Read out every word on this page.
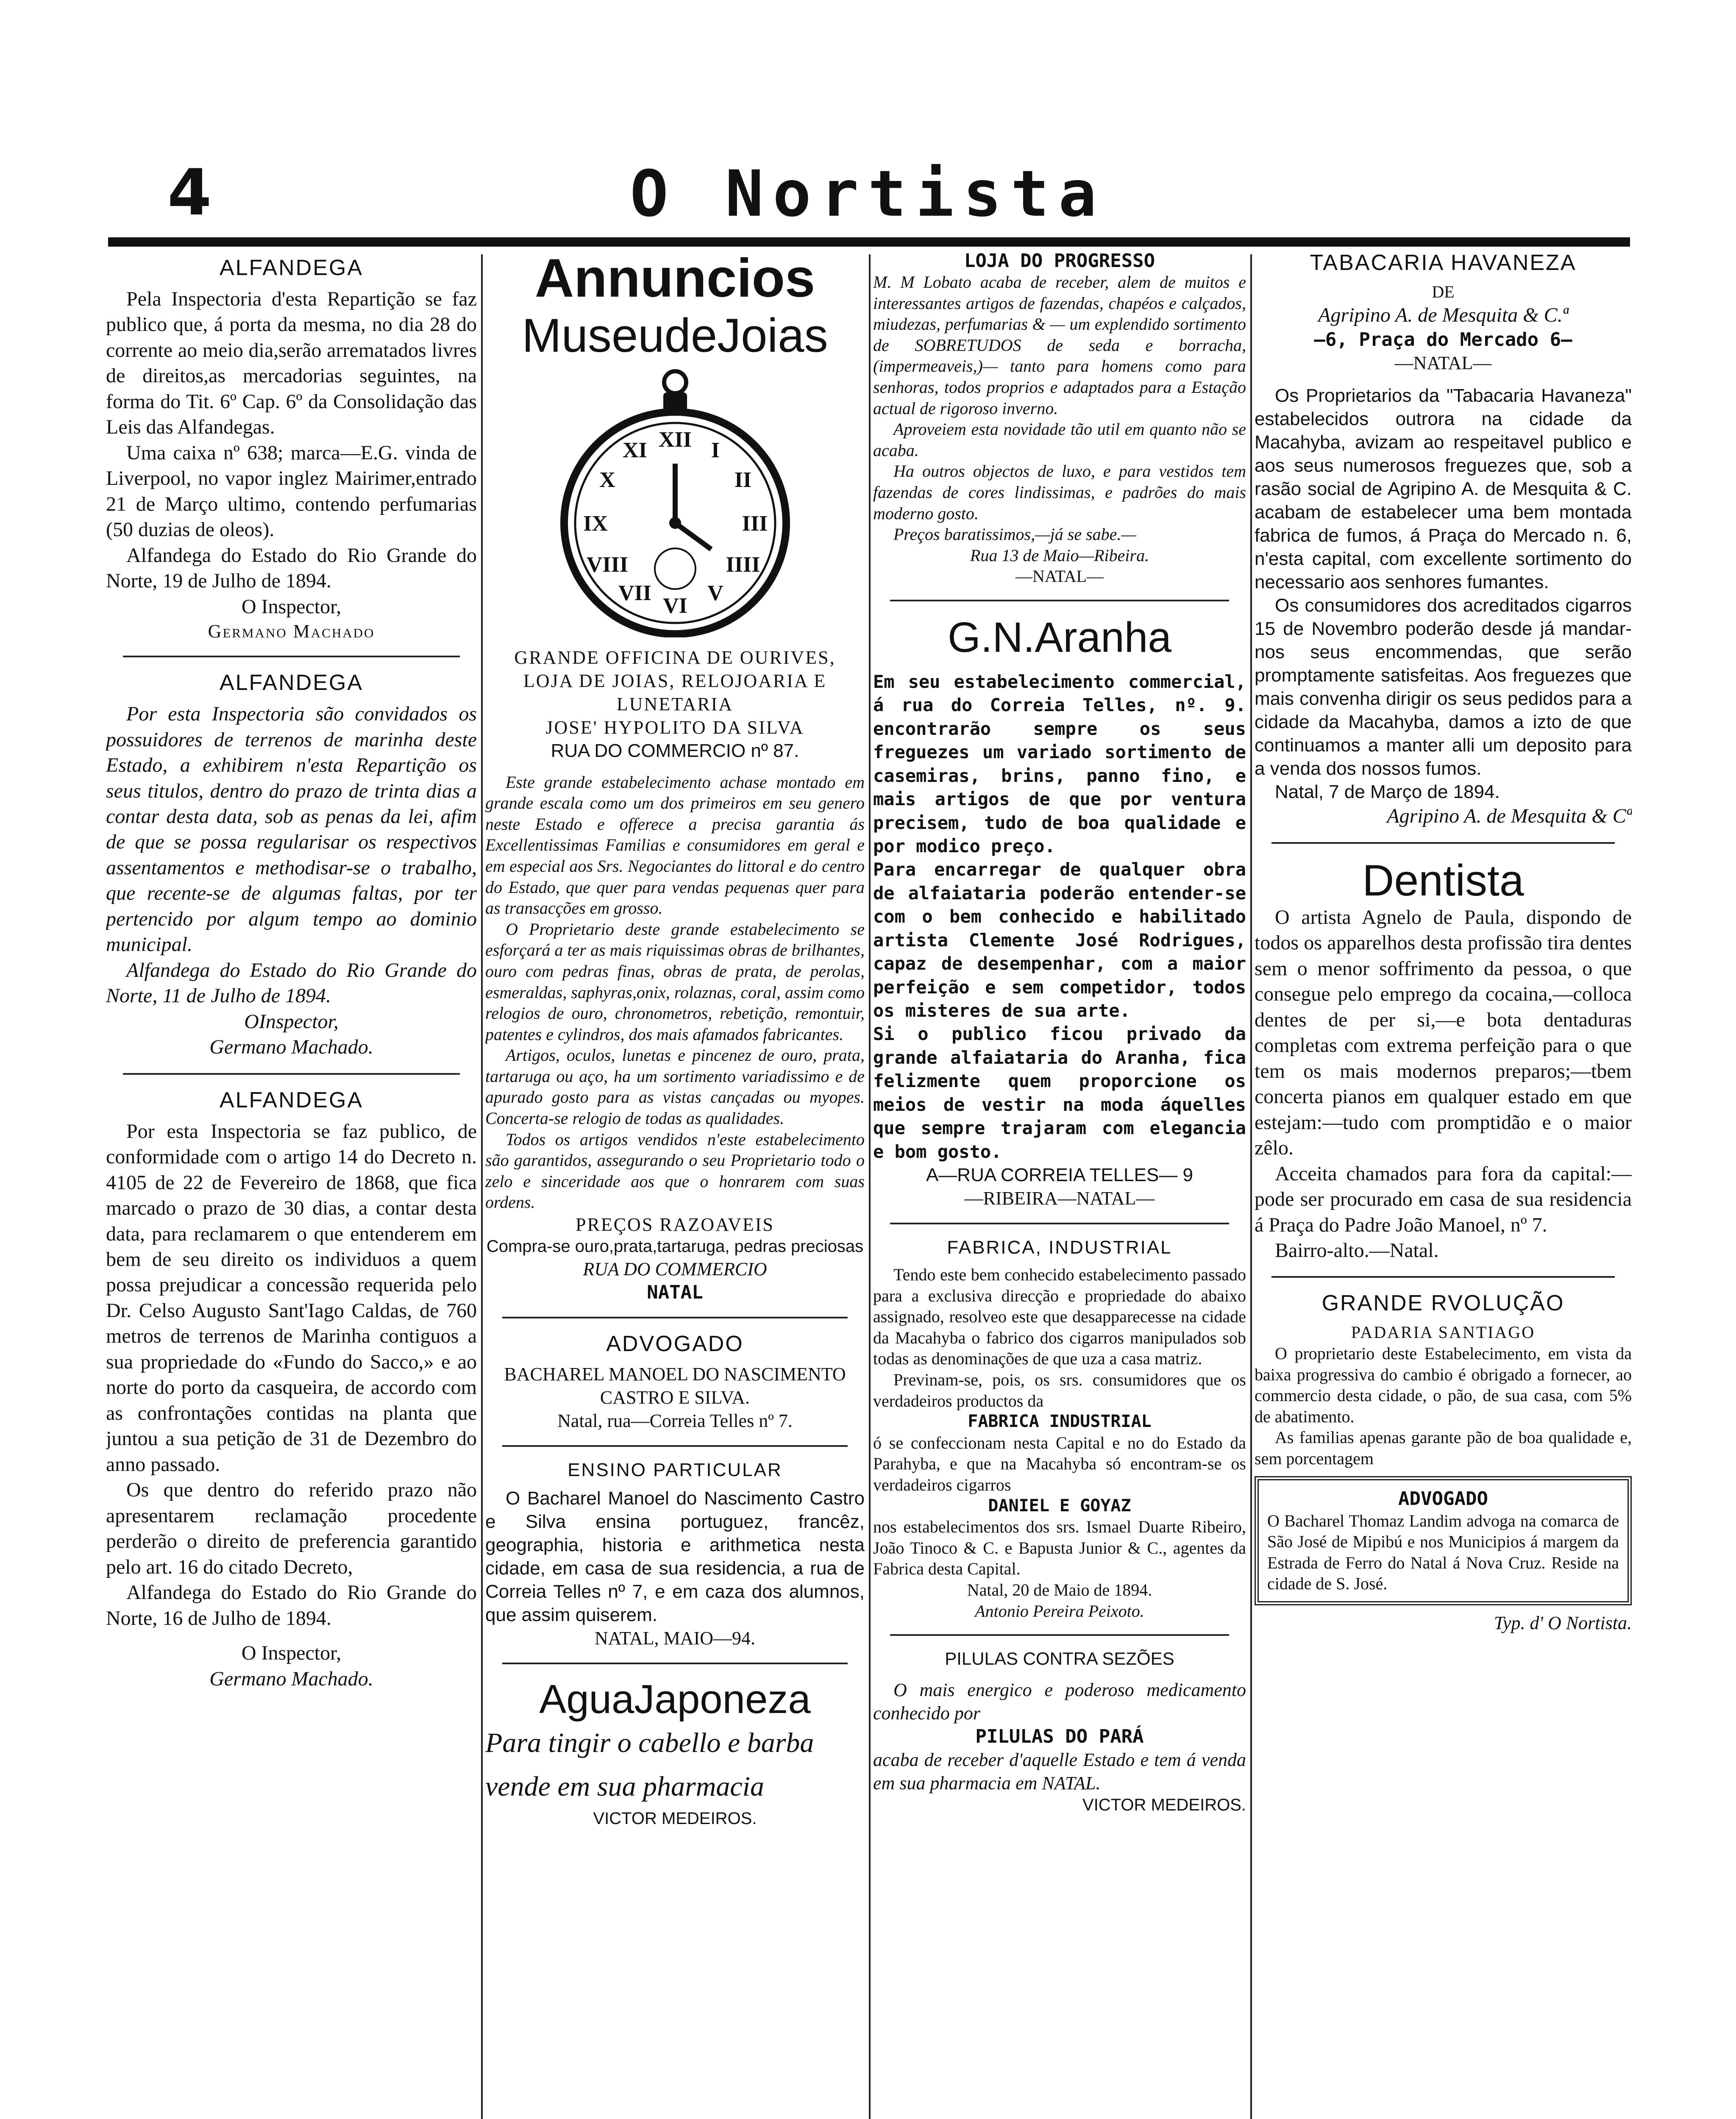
4	O Nortista
ALFANDEGA

Pela Inspectoria d'esta Repartição se faz publico que, á porta da mesma, no dia 28 do corrente ao meio dia,serão arrematados livres de direitos,as mercadorias seguintes, na forma do Tit. 6º Cap. 6º da Consolidação das Leis das Alfandegas.

Uma caixa nº 638; marca—E.G. vinda de Liverpool, no vapor inglez Mairimer,entrado 21 de Março ultimo, contendo perfumarias (50 duzias de oleos).

Alfandega do Estado do Rio Grande do Norte, 19 de Julho de 1894.

O Inspector,

Germano Machado

ALFANDEGA

Por esta Inspectoria são convidados os possuidores de terrenos de marinha deste Estado, a exhibirem n'esta Repartição os seus titulos, dentro do prazo de trinta dias a contar desta data, sob as penas da lei, afim de que se possa regularisar os respectivos assentamentos e methodisar-se o trabalho, que recente-se de algumas faltas, por ter pertencido por algum tempo ao dominio municipal.

Alfandega do Estado do Rio Grande do Norte, 11 de Julho de 1894.

OInspector,

Germano Machado.

ALFANDEGA

Por esta Inspectoria se faz publico, de conformidade com o artigo 14 do Decreto n. 4105 de 22 de Fevereiro de 1868, que fica marcado o prazo de 30 dias, a contar desta data, para reclamarem o que entenderem em bem de seu direito os individuos a quem possa prejudicar a concessão requerida pelo Dr. Celso Augusto Sant'Iago Caldas, de 760 metros de terrenos de Marinha contiguos a sua propriedade do «Fundo do Sacco,» e ao norte do porto da casqueira, de accordo com as confrontações contidas na planta que juntou a sua petição de 31 de Dezembro do anno passado.

Os que dentro do referido prazo não apresentarem reclamação procedente perderão o direito de preferencia garantido pelo art. 16 do citado Decreto,

Alfandega do Estado do Rio Grande do Norte, 16 de Julho de 1894.

O Inspector,

Germano Machado.

Annuncios
MuseudeJoias
XII I
II
III
IIII
V
VI
VII
VIII
IX
X
XI

GRANDE OFFICINA DE OURIVES,

LOJA DE JOIAS, RELOJOARIA E LUNETARIA

JOSE' HYPOLITO DA SILVA

RUA DO COMMERCIO nº 87.

Este grande estabelecimento achase montado em grande escala como um dos primeiros em seu genero neste Estado e offerece a precisa garantia ás Excellentissimas Familias e consumidores em geral e em especial aos Srs. Negociantes do littoral e do centro do Estado, que quer para vendas pequenas quer para as transacções em grosso.

O Proprietario deste grande estabelecimento se esforçará a ter as mais riquissimas obras de brilhantes, ouro com pedras finas, obras de prata, de perolas, esmeraldas, saphyras,onix, rolaznas, coral, assim como relogios de ouro, chronometros, rebetição, remontuir, patentes e cylindros, dos mais afamados fabricantes.

Artigos, oculos, lunetas e pincenez de ouro, prata, tartaruga ou aço, ha um sortimento variadissimo e de apurado gosto para as vistas cançadas ou myopes. Concerta-se relogio de todas as qualidades.

Todos os artigos vendidos n'este estabelecimento são garantidos, assegurando o seu Proprietario todo o zelo e sinceridade aos que o honrarem com suas ordens.

PREÇOS RAZOAVEIS

Compra-se ouro,prata,tartaruga, pedras preciosas

RUA DO COMMERCIO

NATAL

ADVOGADO

BACHAREL MANOEL DO NASCIMENTO CASTRO E SILVA.

Natal, rua—Correia Telles nº 7.

ENSINO PARTICULAR

O Bacharel Manoel do Nascimento Castro e Silva ensina portuguez, francêz, geographia, historia e arithmetica nesta cidade, em casa de sua residencia, a rua de Correia Telles nº 7, e em caza dos alumnos, que assim quiserem.

NATAL, MAIO—94.

AguaJaponeza

Para tingir o cabello e barba vende em sua pharmacia

VICTOR MEDEIROS.

LOJA DO PROGRESSO

M. M Lobato acaba de receber, alem de muitos e interessantes artigos de fazendas, chapéos e calçados, miudezas, perfumarias & — um explendido sortimento de SOBRETUDOS de seda e borracha, (impermeaveis,)— tanto para homens como para senhoras, todos proprios e adaptados para a Estação actual de rigoroso inverno.

Aproveiem esta novidade tão util em quanto não se acaba.

Ha outros objectos de luxo, e para vestidos tem fazendas de cores lindissimas, e padrões do mais moderno gosto.

Preços baratissimos,—já se sabe.—

Rua 13 de Maio—Ribeira.

—NATAL—

G.N.Aranha

Em seu estabelecimento commercial, á rua do Correia Telles, nº. 9. encontrarão sempre os seus freguezes um variado sortimento de casemiras, brins, panno fino, e mais artigos de que por ventura precisem, tudo de boa qualidade e por modico preço.

Para encarregar de qualquer obra de alfaiataria poderão entender-se com o bem conhecido e habilitado artista Clemente José Rodrigues, capaz de desempenhar, com a maior perfeição e sem competidor, todos os misteres de sua arte.

Si o publico ficou privado da grande alfaiataria do Aranha, fica felizmente quem proporcione os meios de vestir na moda áquelles que sempre trajaram com elegancia e bom gosto.

A—RUA CORREIA TELLES— 9

—RIBEIRA—NATAL—

FABRICA, INDUSTRIAL

Tendo este bem conhecido estabelecimento passado para a exclusiva direcção e propriedade do abaixo assignado, resolveo este que desapparecesse na cidade da Macahyba o fabrico dos cigarros manipulados sob todas as denominações de que uza a casa matriz.

Previnam-se, pois, os srs. consumidores que os verdadeiros productos da

FABRICA INDUSTRIAL

ó se confeccionam nesta Capital e no do Estado da Parahyba, e que na Macahyba só encontram-se os verdadeiros cigarros

DANIEL E GOYAZ

nos estabelecimentos dos srs. Ismael Duarte Ribeiro, João Tinoco & C. e Bapusta Junior & C., agentes da Fabrica desta Capital.

Natal, 20 de Maio de 1894.

Antonio Pereira Peixoto.

PILULAS CONTRA SEZÕES

O mais energico e poderoso medicamento conhecido por

PILULAS DO PARÁ

acaba de receber d'aquelle Estado e tem á venda em sua pharmacia em NATAL.

VICTOR MEDEIROS.

TABACARIA HAVANEZA

DE

Agripino A. de Mesquita & C.ª

—6, Praça do Mercado 6—

—NATAL—

Os Proprietarios da "Tabacaria Havaneza" estabelecidos outrora na cidade da Macahyba, avizam ao respeitavel publico e aos seus numerosos freguezes que, sob a rasão social de Agripino A. de Mesquita & C. acabam de estabelecer uma bem montada fabrica de fumos, á Praça do Mercado n. 6, n'esta capital, com excellente sortimento do necessario aos senhores fumantes.

Os consumidores dos acreditados cigarros 15 de Novembro poderão desde já mandar-nos seus encommendas, que serão promptamente satisfeitas. Aos freguezes que mais convenha dirigir os seus pedidos para a cidade da Macahyba, damos a izto de que continuamos a manter alli um deposito para a venda dos nossos fumos.

Natal, 7 de Março de 1894.

Agripino A. de Mesquita & Cª

Dentista

O artista Agnelo de Paula, dispondo de todos os apparelhos desta profissão tira dentes sem o menor soffrimento da pessoa, o que consegue pelo emprego da cocaina,—colloca dentes de per si,—e bota dentaduras completas com extrema perfeição para o que tem os mais modernos preparos;—tbem concerta pianos em qualquer estado em que estejam:—tudo com promptidão e o maior zêlo.

Acceita chamados para fora da capital:—pode ser procurado em casa de sua residencia á Praça do Padre João Manoel, nº 7.

Bairro-alto.—Natal.

GRANDE RVOLUÇÃO

PADARIA SANTIAGO

O proprietario deste Estabelecimento, em vista da baixa progressiva do cambio é obrigado a fornecer, ao commercio desta cidade, o pão, de sua casa, com 5% de abatimento.

As familias apenas garante pão de boa qualidade e, sem porcentagem

ADVOGADO

O Bacharel Thomaz Landim advoga na comarca de São José de Mipibú e nos Municipios á margem da Estrada de Ferro do Natal á Nova Cruz. Reside na cidade de S. José.

Typ. d' O Nortista.
